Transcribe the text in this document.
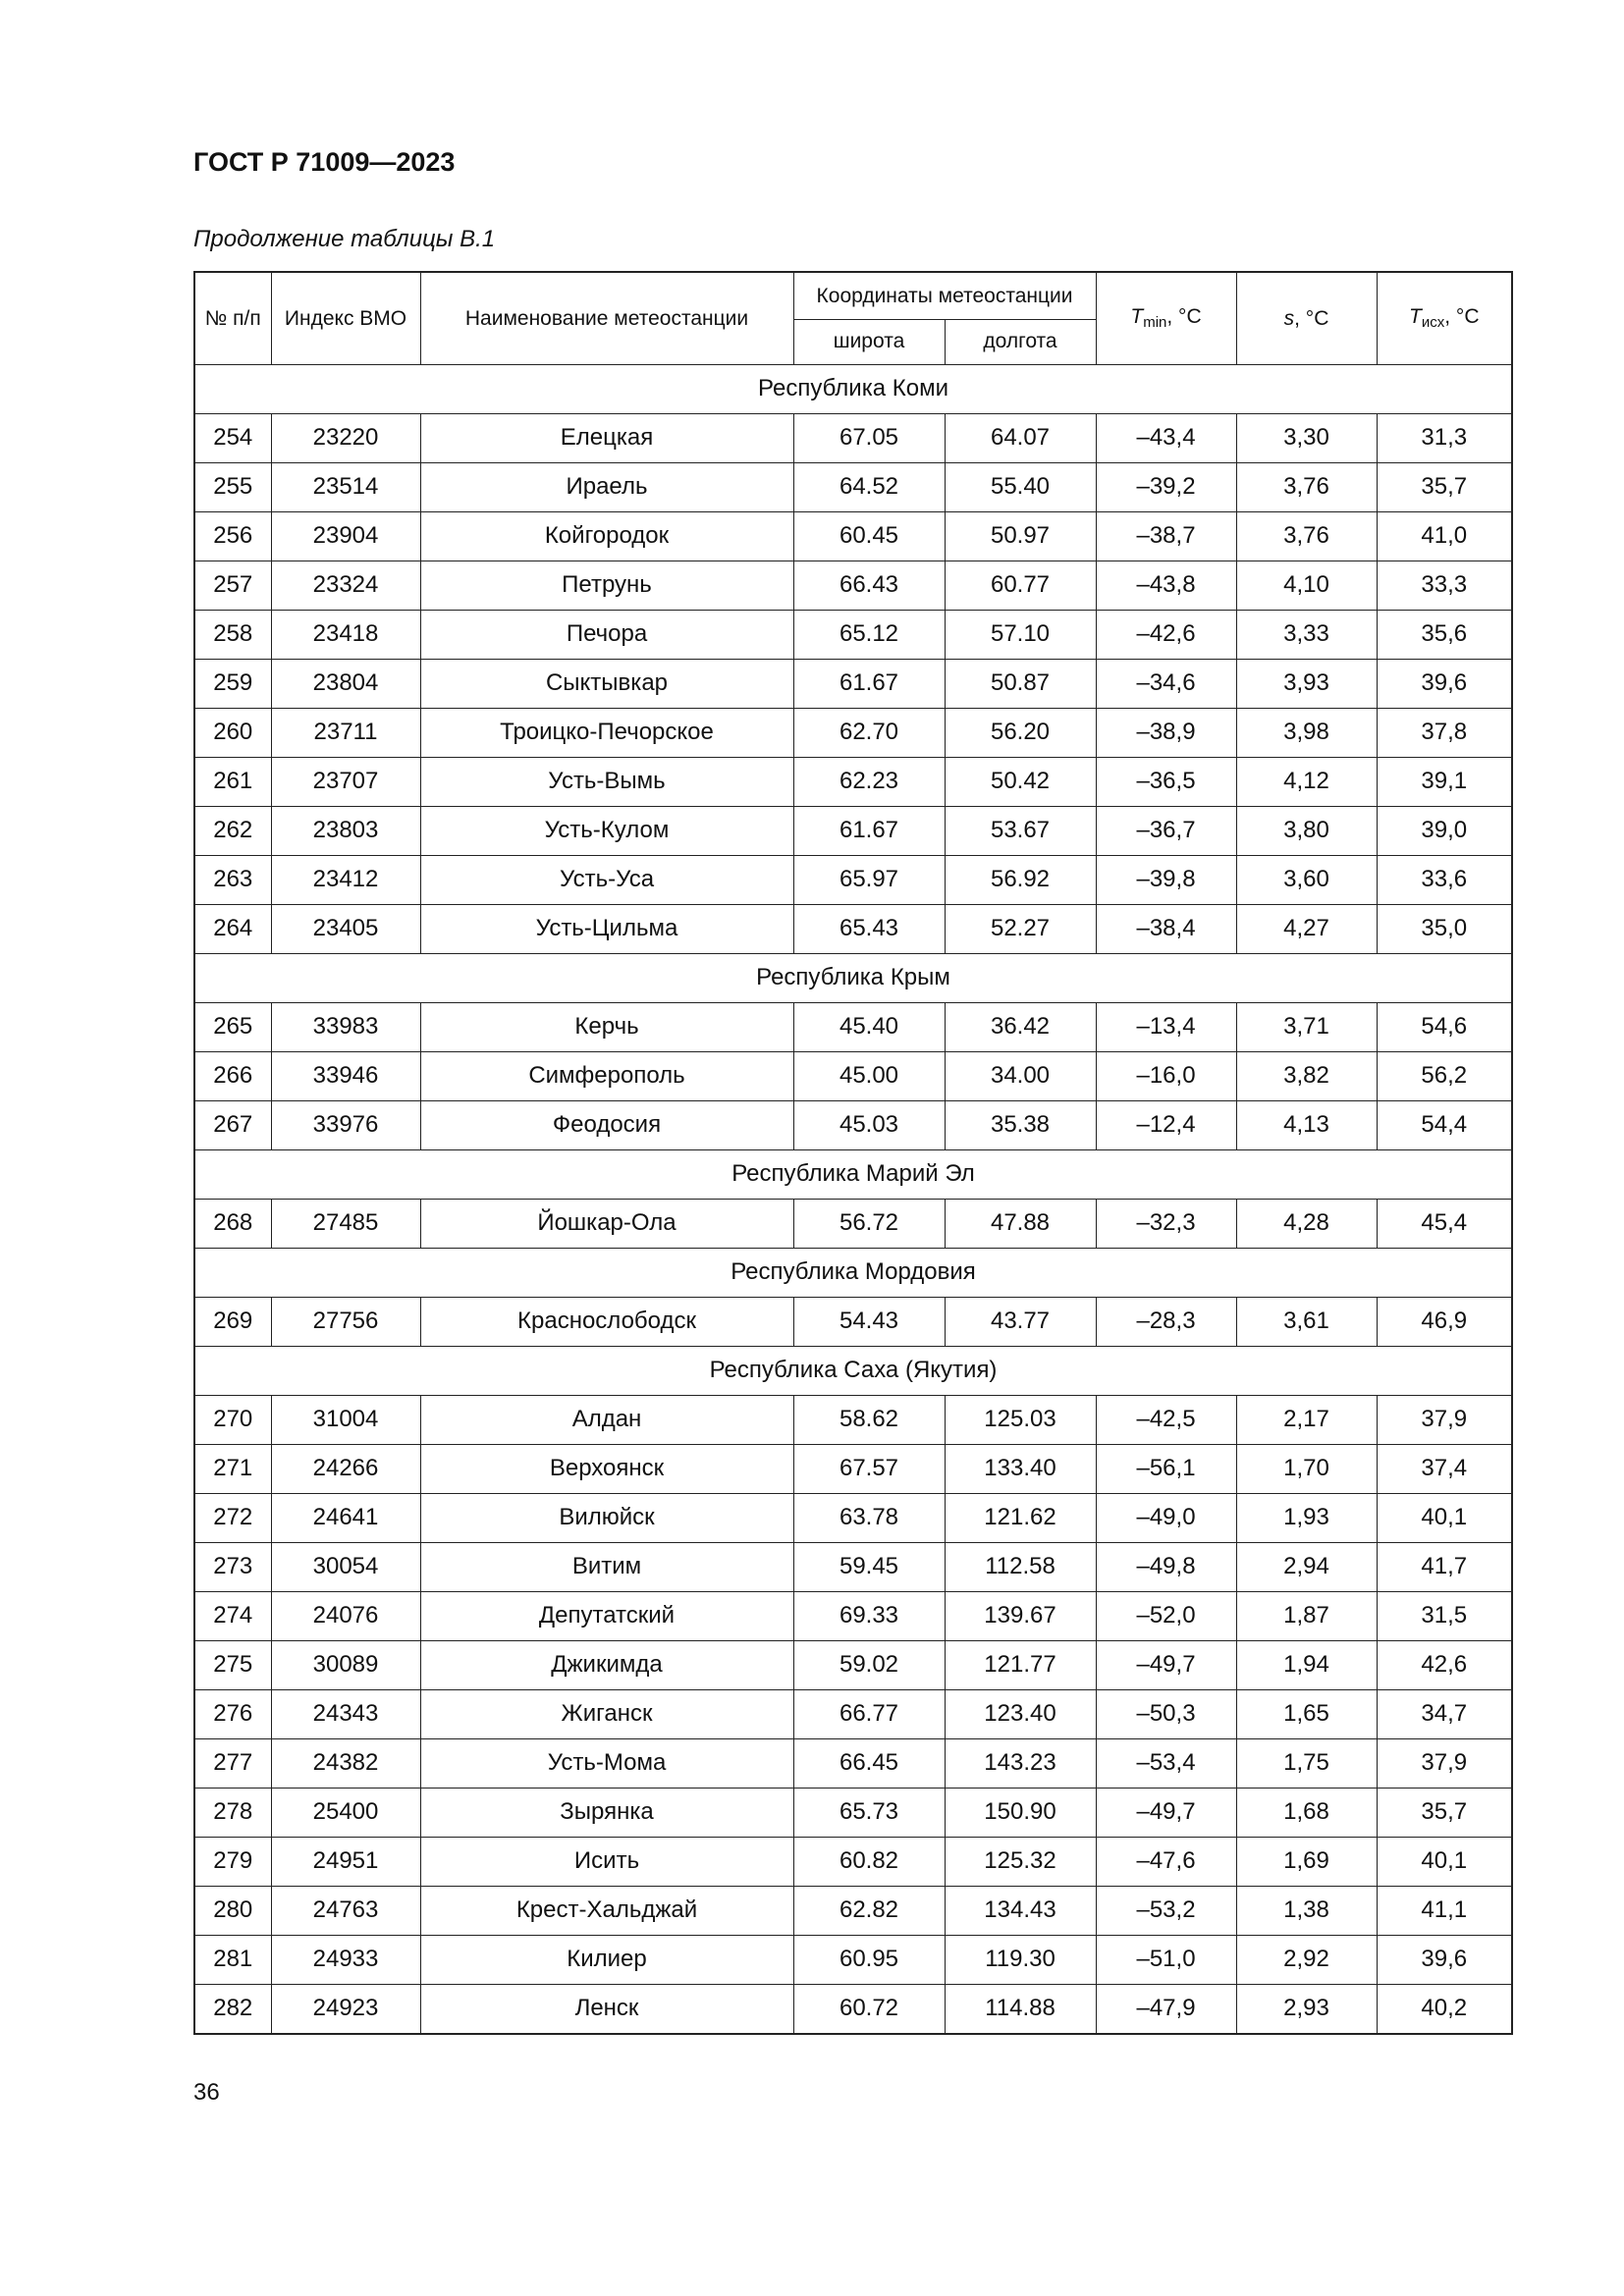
ГОСТ Р 71009—2023

Продолжение таблицы В.1

№ п/п	Индекс ВМО	Наименование метеостанции	Координаты метеостанции		$T_{min}$, °C	s, °C	$T_{исх}$, °C
			широта	долгота			
Республика Коми							
254	23220	Елецкая	67.05	64.07	–43,4	3,30	31,3
255	23514	Ираель	64.52	55.40	–39,2	3,76	35,7
256	23904	Койгородок	60.45	50.97	–38,7	3,76	41,0
257	23324	Петрунь	66.43	60.77	–43,8	4,10	33,3
258	23418	Печора	65.12	57.10	–42,6	3,33	35,6
259	23804	Сыктывкар	61.67	50.87	–34,6	3,93	39,6
260	23711	Троицко-Печорское	62.70	56.20	–38,9	3,98	37,8
261	23707	Усть-Вымь	62.23	50.42	–36,5	4,12	39,1
262	23803	Усть-Кулом	61.67	53.67	–36,7	3,80	39,0
263	23412	Усть-Уса	65.97	56.92	–39,8	3,60	33,6
264	23405	Усть-Цильма	65.43	52.27	–38,4	4,27	35,0
Республика Крым							
265	33983	Керчь	45.40	36.42	–13,4	3,71	54,6
266	33946	Симферополь	45.00	34.00	–16,0	3,82	56,2
267	33976	Феодосия	45.03	35.38	–12,4	4,13	54,4
Республика Марий Эл							
268	27485	Йошкар-Ола	56.72	47.88	–32,3	4,28	45,4
Республика Мордовия							
269	27756	Краснослободск	54.43	43.77	–28,3	3,61	46,9
Республика Саха (Якутия)							
270	31004	Алдан	58.62	125.03	–42,5	2,17	37,9
271	24266	Верхоянск	67.57	133.40	–56,1	1,70	37,4
272	24641	Вилюйск	63.78	121.62	–49,0	1,93	40,1
273	30054	Витим	59.45	112.58	–49,8	2,94	41,7
274	24076	Депутатский	69.33	139.67	–52,0	1,87	31,5
275	30089	Джикимда	59.02	121.77	–49,7	1,94	42,6
276	24343	Жиганск	66.77	123.40	–50,3	1,65	34,7
277	24382	Усть-Мома	66.45	143.23	–53,4	1,75	37,9
278	25400	Зырянка	65.73	150.90	–49,7	1,68	35,7
279	24951	Исить	60.82	125.32	–47,6	1,69	40,1
280	24763	Крест-Хальджай	62.82	134.43	–53,2	1,38	41,1
281	24933	Килиер	60.95	119.30	–51,0	2,92	39,6
282	24923	Ленск	60.72	114.88	–47,9	2,93	40,2

36
